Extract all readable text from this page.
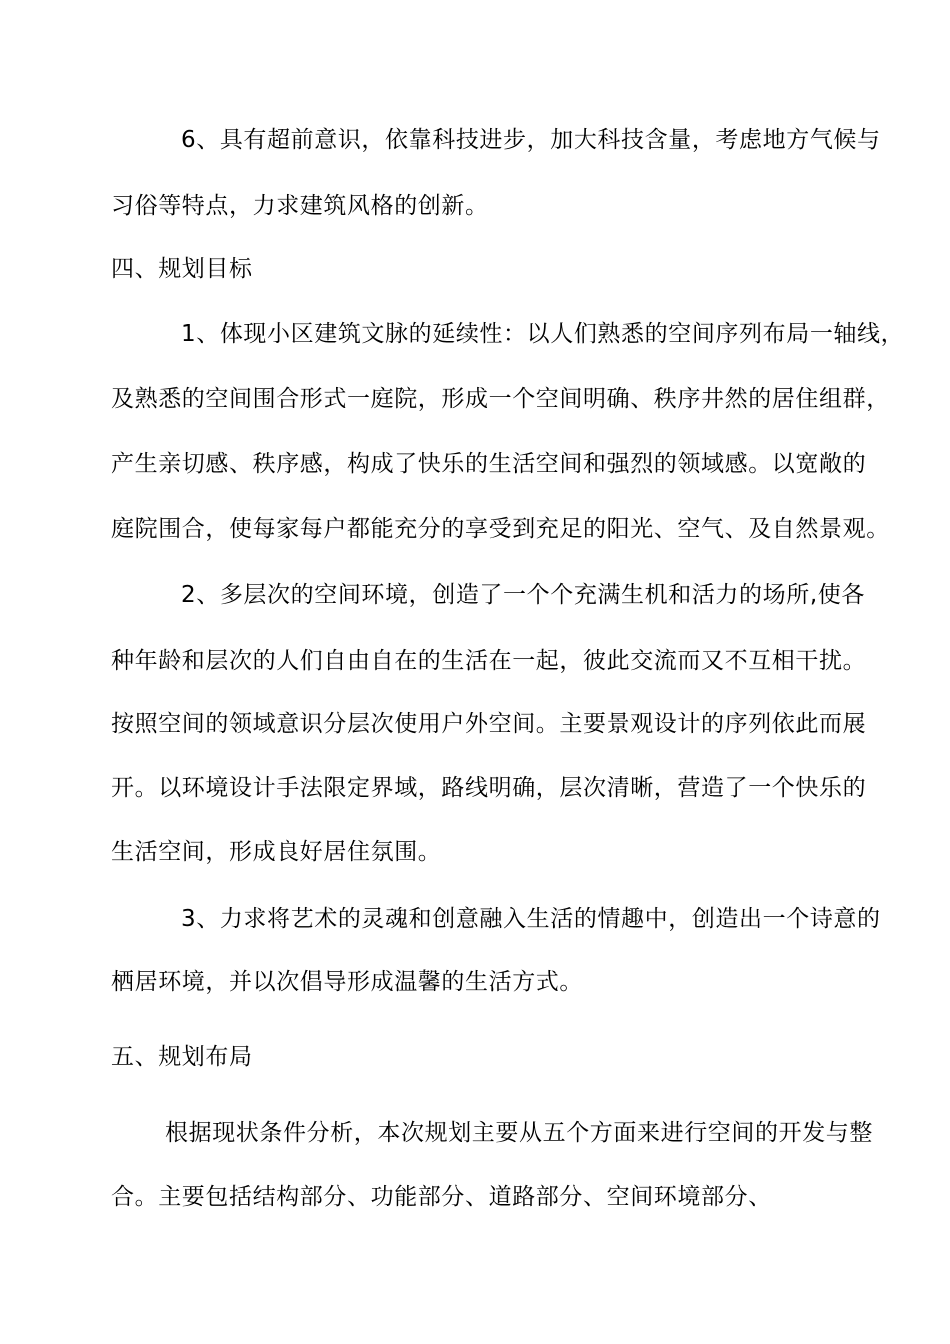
6、具有超前意识，依靠科技进步，加大科技含量，考虑地方气候与
习俗等特点，力求建筑风格的创新。
四、规划目标
1、体现小区建筑文脉的延续性：以人们熟悉的空间序列布局一轴线，
及熟悉的空间围合形式一庭院，形成一个空间明确、秩序井然的居住组群，
产生亲切感、秩序感，构成了快乐的生活空间和强烈的领域感。以宽敞的
庭院围合，使每家每户都能充分的享受到充足的阳光、空气、及自然景观。
2、多层次的空间环境，创造了一个个充满生机和活力的场所,使各
种年龄和层次的人们自由自在的生活在一起，彼此交流而又不互相干扰。
按照空间的领域意识分层次使用户外空间。主要景观设计的序列依此而展
开。以环境设计手法限定界域，路线明确，层次清晰，营造了一个快乐的
生活空间，形成良好居住氛围。
3、力求将艺术的灵魂和创意融入生活的情趣中，创造出一个诗意的
栖居环境，并以次倡导形成温馨的生活方式。
五、规划布局
根据现状条件分析，本次规划主要从五个方面来进行空间的开发与整
合。主要包括结构部分、功能部分、道路部分、空间环境部分、
